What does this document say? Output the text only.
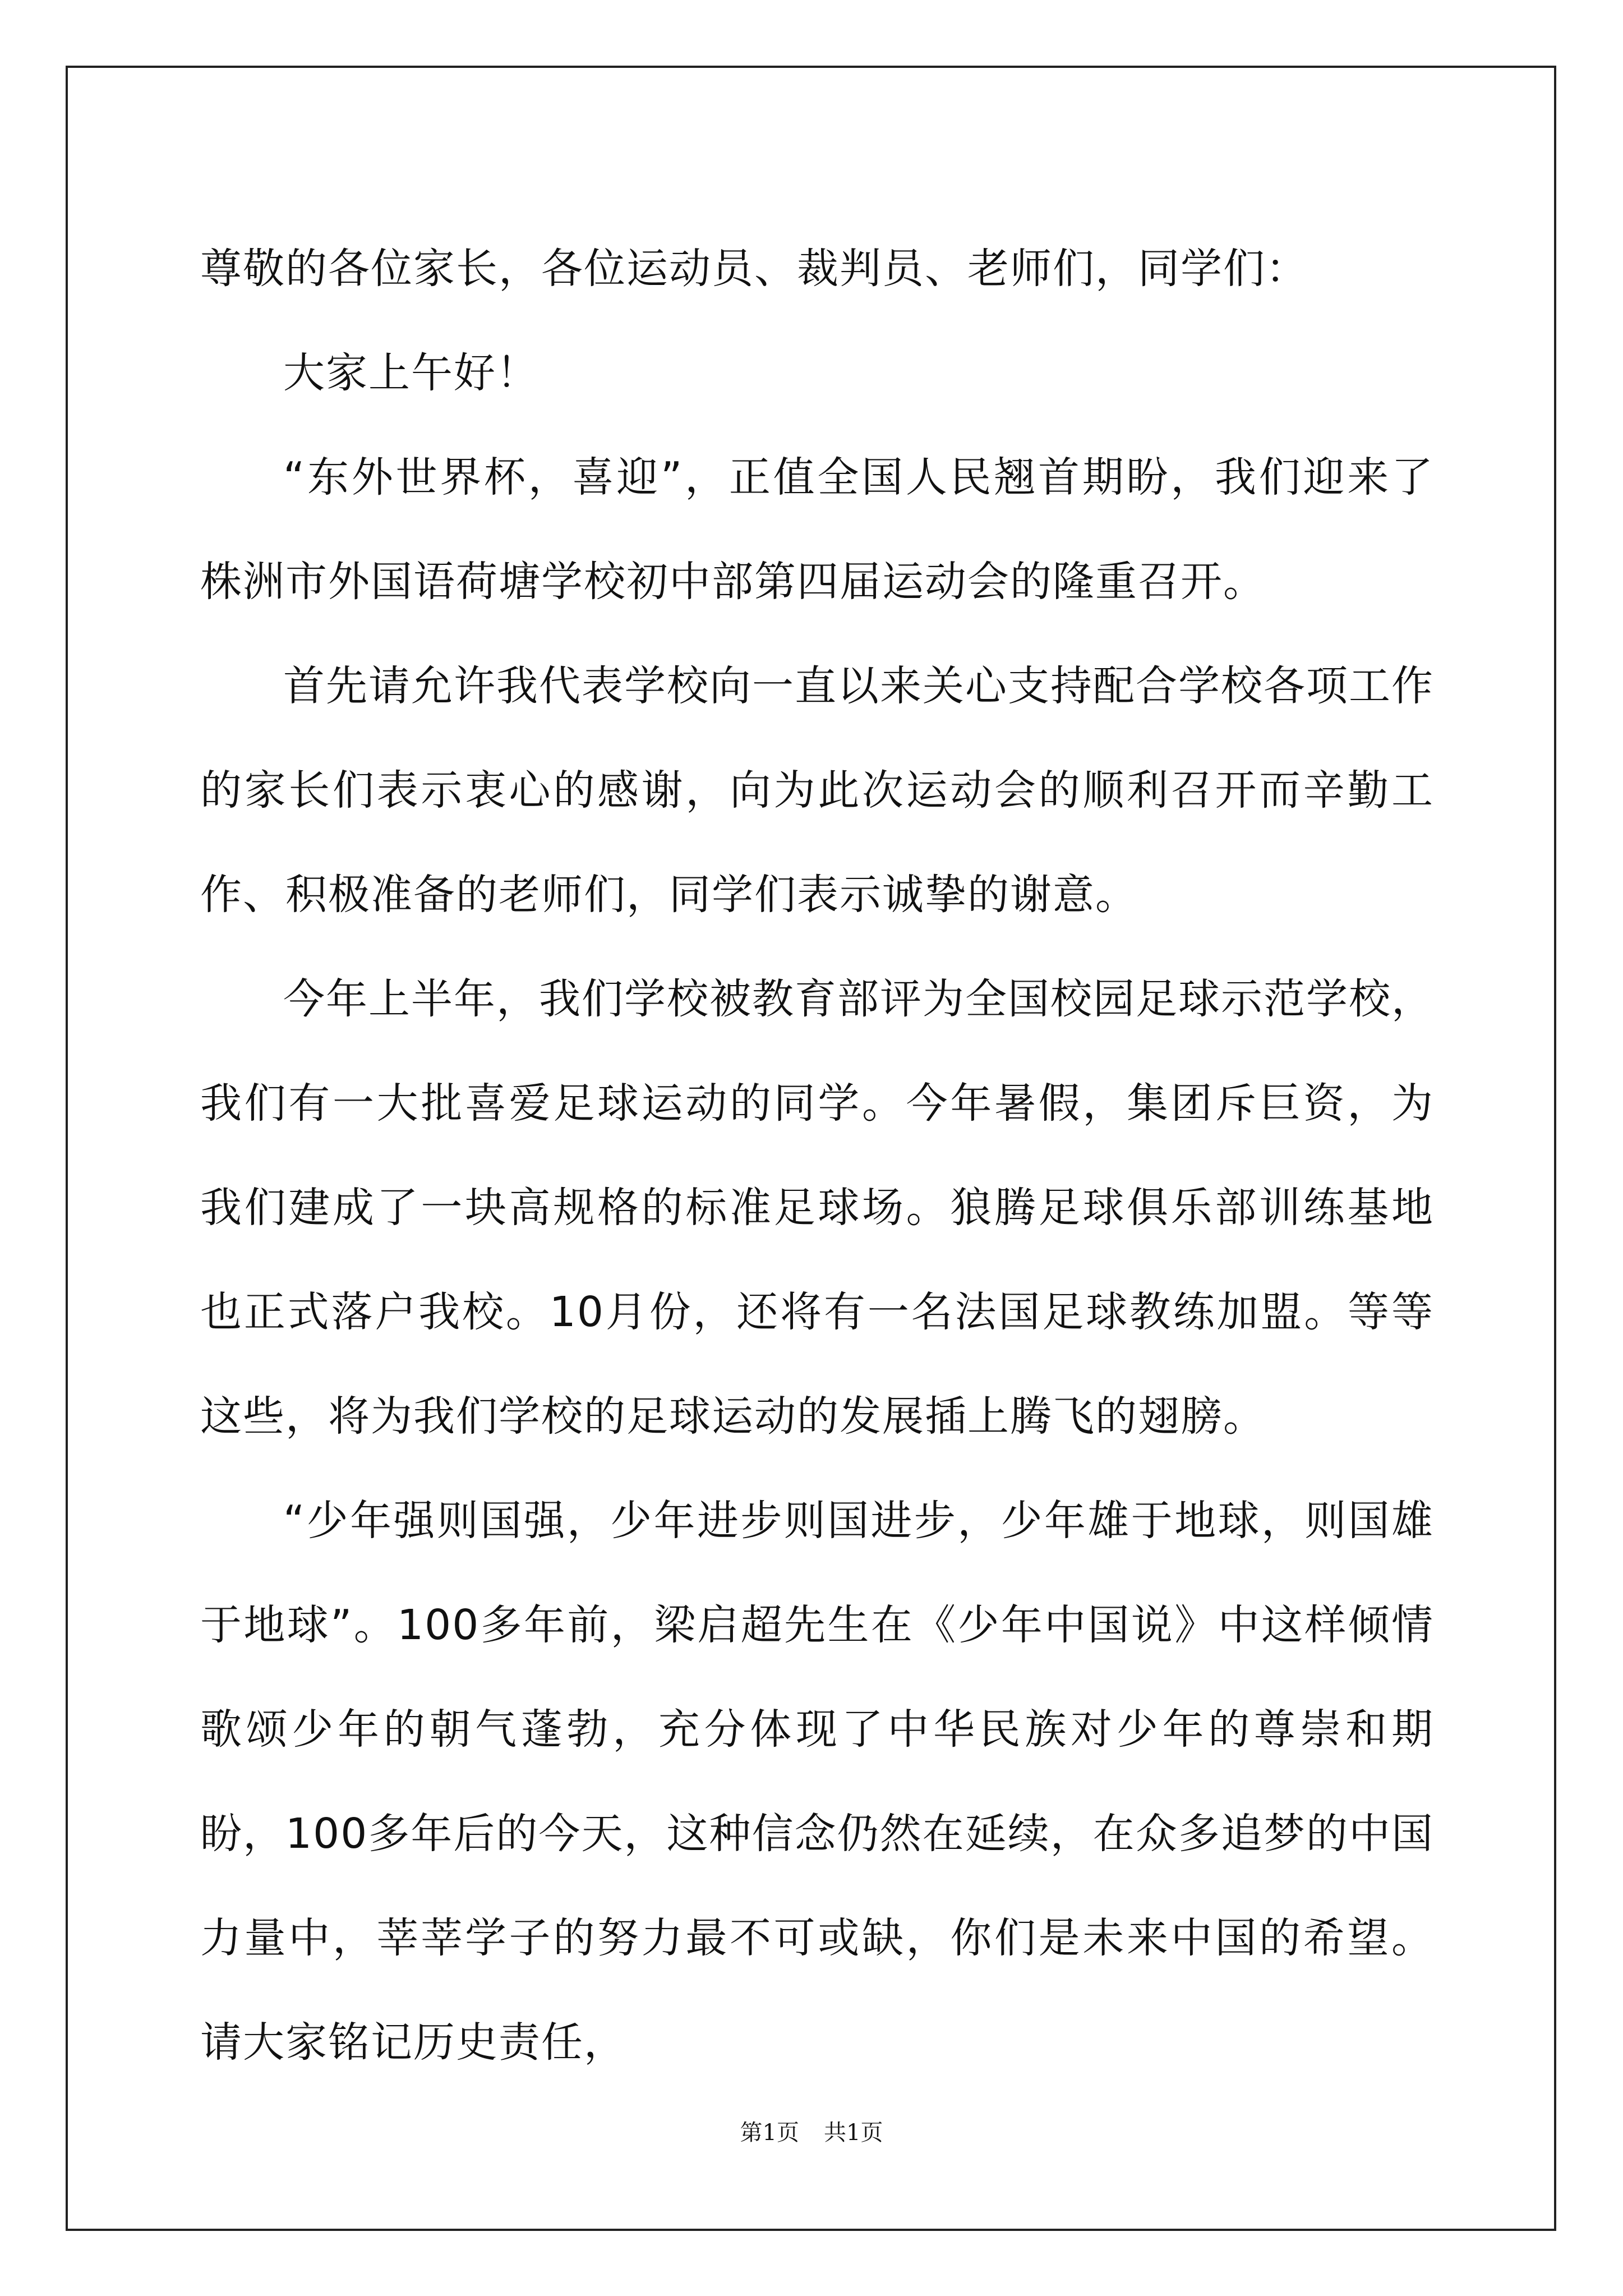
尊敬的各位家长，各位运动员、裁判员、老师们，同学们：

大家上午好！

“东外世界杯，喜迎”，正值全国人民翘首期盼，我们迎来了株洲市外国语荷塘学校初中部第四届运动会的隆重召开。

首先请允许我代表学校向一直以来关心支持配合学校各项工作的家长们表示衷心的感谢，向为此次运动会的顺利召开而辛勤工作、积极准备的老师们，同学们表示诚挚的谢意。

今年上半年，我们学校被教育部评为全国校园足球示范学校，我们有一大批喜爱足球运动的同学。今年暑假，集团斥巨资，为我们建成了一块高规格的标准足球场。狼腾足球俱乐部训练基地也正式落户我校。10月份，还将有一名法国足球教练加盟。等等这些，将为我们学校的足球运动的发展插上腾飞的翅膀。

“少年强则国强，少年进步则国进步，少年雄于地球，则国雄于地球”。100多年前，梁启超先生在《少年中国说》中这样倾情歌颂少年的朝气蓬勃，充分体现了中华民族对少年的尊崇和期盼，100多年后的今天，这种信念仍然在延续，在众多追梦的中国力量中，莘莘学子的努力最不可或缺，你们是未来中国的希望。请大家铭记历史责任，

第1页 共1页
